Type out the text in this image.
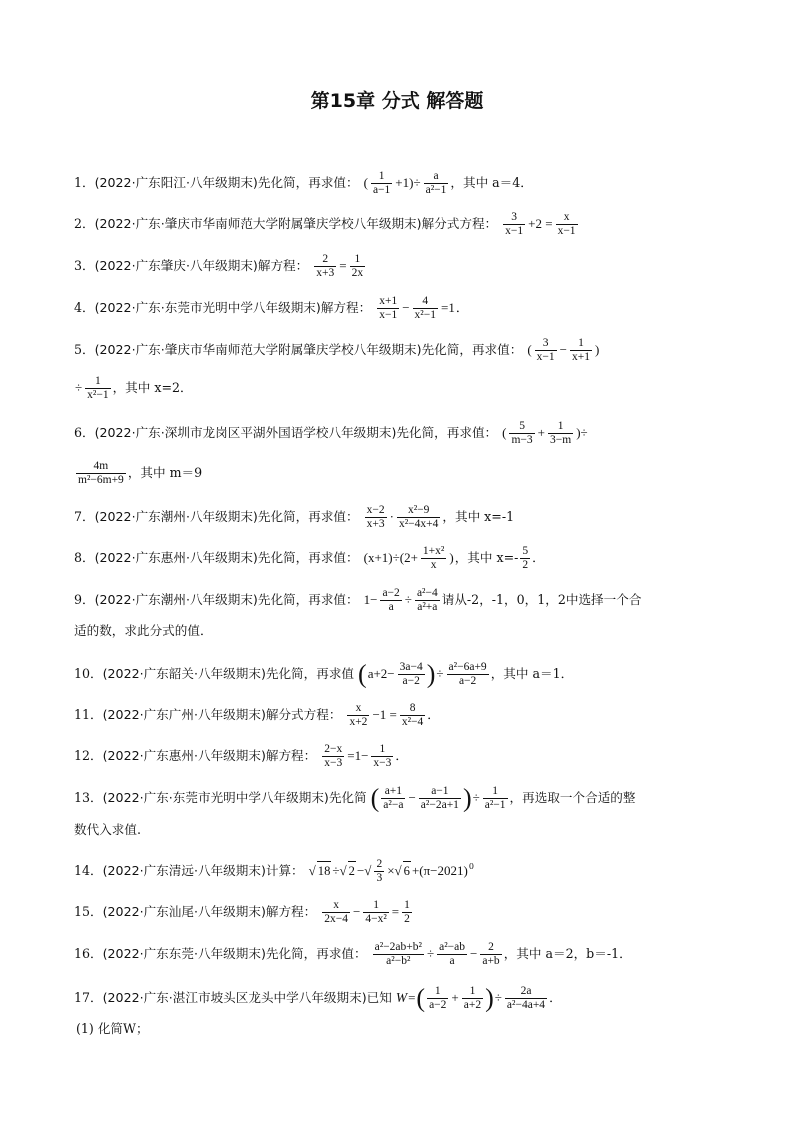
第15章 分式 解答题
1．(2022·广东阳江·八年级期末)先化简，再求值： ( $\frac{1}{a-1} +1)\div \frac{a}{\text{a²−1}}$ ，其中 a＝4．
2．(2022·广东·肇庆市华南师范大学附属肇庆学校八年级期末)解分式方程： $\frac{3}{x-1} +2 = \frac{x}{x-1}$
3．(2022·广东肇庆·八年级期末)解方程： $\frac{2}{x+3} = \frac{1}{2x}$
4．(2022·广东·东莞市光明中学八年级期末)解方程： $\frac{x+1}{x-1} - \frac{4}{\text{x²−1}} =1$．
5．(2022·广东·肇庆市华南师范大学附属肇庆学校八年级期末)先化简，再求值： ( $\frac{3}{x-1} - \frac{1}{x+1}$ )
÷ $\frac{1}{\text{x²−1}}$ ，其中 x=2．
6．(2022·广东·深圳市龙岗区平湖外国语学校八年级期末)先化简，再求值： ( $\frac{5}{m-3} + \frac{1}{3-m}$ )÷
$\frac{4m}{\text{m²−6m+9}}$ ，其中 m＝9
7．(2022·广东潮州·八年级期末)先化简，再求值： $\frac{x-2}{x+3} \cdot \frac{\text{x²−9}}{\text{x²−4x+4}}$ ，其中 x=-1
8．(2022·广东惠州·八年级期末)先化简，再求值： $(x+1)\div(2+ \frac{\text{1+x²}}{x}$ )，其中 $x=- \frac{5}{2}$ ．
9．(2022·广东潮州·八年级期末)先化简，再求值： $1- \frac{a-2}{a} \div \frac{\text{a²−4}}{\text{a²+a}}$ 请从-2，-1，0，1，2中选择一个合
适的数，求此分式的值．
10．(2022·广东韶关·八年级期末)先化简，再求值 ($a+2- \frac{3a-4}{a-2}$ )÷ $\frac{\text{a²−6a+9}}{a-2}$ ，其中 a＝1．
11．(2022·广东广州·八年级期末)解分式方程： $\frac{x}{x+2} -1 = \frac{8}{\text{x²−4}}$ ．
12．(2022·广东惠州·八年级期末)解方程： $\frac{2-x}{x-3} =1- \frac{1}{x-3}$ ．
13．(2022·广东·东莞市光明中学八年级期末)先化简 ( $\frac{a+1}{\text{a²−a}} - \frac{a-1}{\text{a²−2a+1}}$ )÷ $\frac{1}{\text{a²−1}}$ ，再选取一个合适的整
数代入求值.
14．(2022·广东清远·八年级期末)计算： √ 18 ÷√ 2 −√ $\frac{2}{3}$ ×√ $6 +(\pi-2021)^0$
15．(2022·广东汕尾·八年级期末)解方程： $\frac{x}{2x-4} - \frac{1}{\text{4−x²}} = \frac{1}{2}$
16．(2022·广东东莞·八年级期末)先化简，再求值： $\frac{\text{a²−2ab+b²}}{\text{a²−b²}} \div \frac{\text{a²−ab}}{a} - \frac{2}{a+b}$ ，其中 a＝2，b＝-1．
17．(2022·广东·湛江市坡头区龙头中学八年级期末)已知 $W=( \frac{1}{a-2} + \frac{1}{a+2}$ )÷ $\frac{2a}{\text{a²−4a+4}}$ ．
(1) 化简W；
